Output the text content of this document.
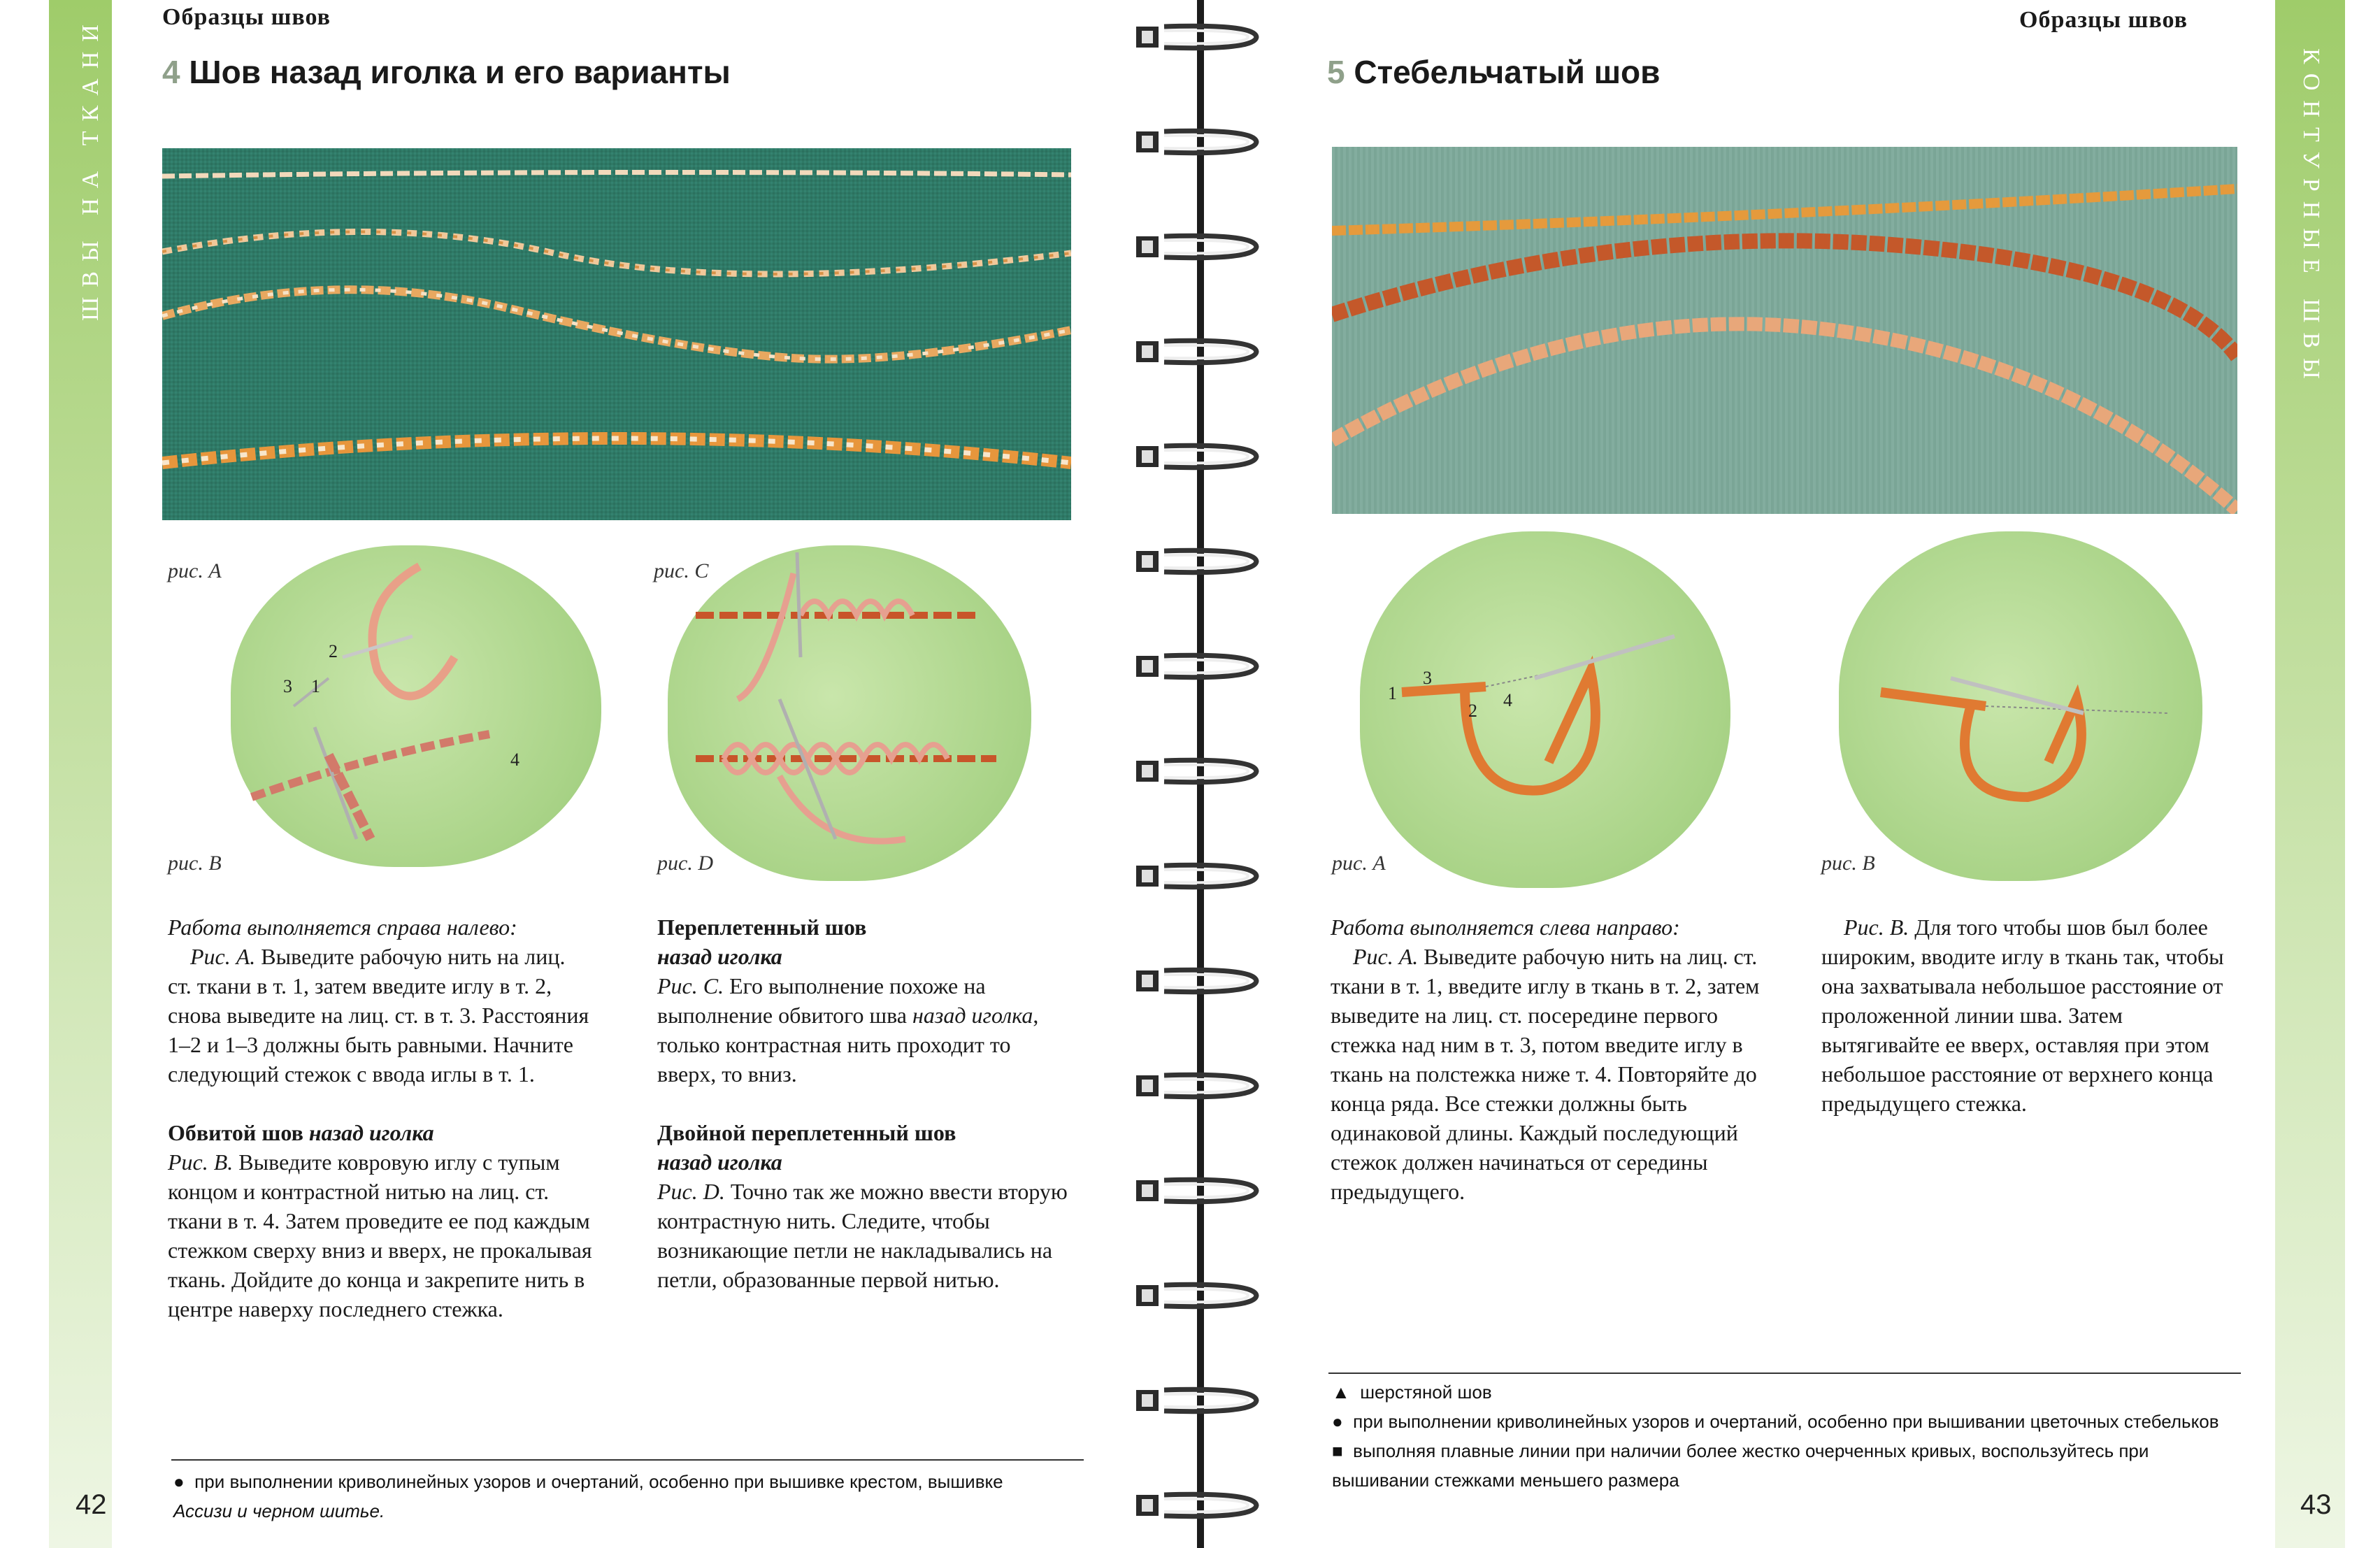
ШВЫ НА ТКАНИ Образцы швов
4 Шов назад иголка и его варианты
рис. А
1
2
3
4
рис. В
рис. С
рис. D

Работа выполняется справа налево:

Рис. А. Выведите рабочую нить на лиц. ст. ткани в т. 1, затем введите иглу в т. 2, снова выведите на лиц. ст. в т. 3. Расстояния 1–2 и 1–3 должны быть равными. Начните следующий стежок с ввода иглы в т. 1.

Обвитой шов назад иголка

Рис. В. Выведите ковровую иглу с тупым концом и контрастной нитью на лиц. ст. ткани в т. 4. Затем проведите ее под каждым стежком сверху вниз и вверх, не прокалывая ткань. Дойдите до конца и закрепите нить в центре наверху последнего стежка.

Переплетенный шов

назад иголка

Рис. С. Его выполнение похоже на выполнение обвитого шва назад иголка, только контрастная нить проходит то вверх, то вниз.

Двойной переплетенный шов

назад иголка

Рис. D. Точно так же можно ввести вторую контрастную нить. Следите, чтобы возникающие петли не накладывались на петли, образованные первой нитью.

● при выполнении криволинейных узоров и очертаний, особенно при вышивке крестом, вышивке
Ассизи и черном шитье.
42
КОНТУРНЫЕ ШВЫ
Образцы швов
5 Стебельчатый шов
1
2
3
4
рис. А	рис. В

Работа выполняется слева направо:

Рис. А. Выведите рабочую нить на лиц. ст. ткани в т. 1, введите иглу в ткань в т. 2, затем выведите на лиц. ст. посередине первого стежка над ним в т. 3, потом введите иглу в ткань на полстежка ниже т. 4. Повторяйте до конца ряда. Все стежки должны быть одинаковой длины. Каждый последующий стежок должен начинаться от середины предыдущего.

Рис. В. Для того чтобы шов был более широким, вводите иглу в ткань так, чтобы она захватывала небольшое расстояние от проложенной линии шва. Затем вытягивайте ее вверх, оставляя при этом небольшое расстояние от верхнего конца предыдущего стежка.

▲ шерстяной шов
● при выполнении криволинейных узоров и очертаний, особенно при вышивании цветочных стебельков
■ выполняя плавные линии при наличии более жестко очерченных кривых, воспользуйтесь при вышивании стежками меньшего размера
43
